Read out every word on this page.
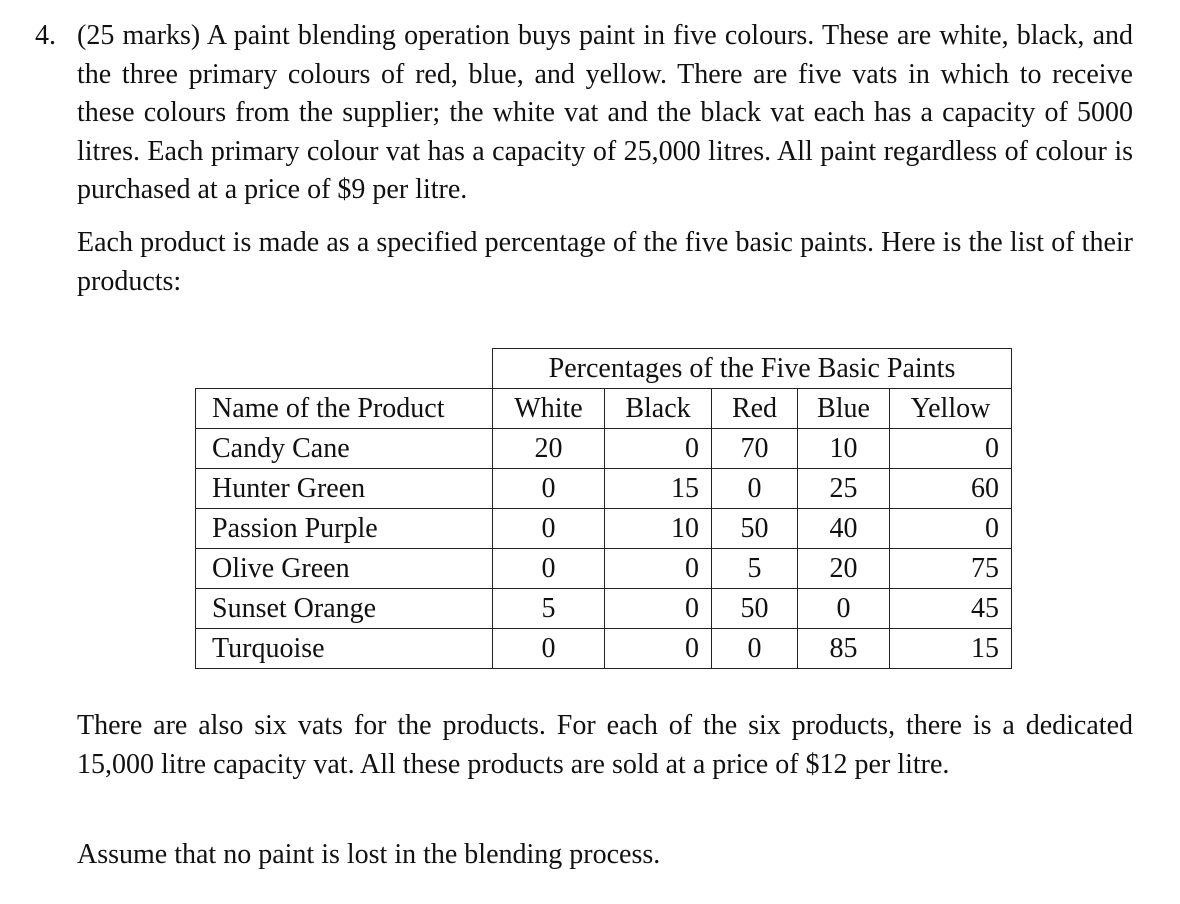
4. (25 marks) A paint blending operation buys paint in five colours. These are white, black, and the three primary colours of red, blue, and yellow. There are five vats in which to receive these colours from the supplier; the white vat and the black vat each has a capacity of 5000 litres. Each primary colour vat has a capacity of 25,000 litres. All paint regardless of colour is purchased at a price of $9 per litre.

Each product is made as a specified percentage of the five basic paints. Here is the list of their products:

	Percentages of the Five Basic Paints				
Name of the Product	White	Black	Red	Blue	Yellow
Candy Cane	20	0	70	10	0
Hunter Green	0	15	0	25	60
Passion Purple	0	10	50	40	0
Olive Green	0	0	5	20	75
Sunset Orange	5	0	50	0	45
Turquoise	0	0	0	85	15

There are also six vats for the products. For each of the six products, there is a dedicated 15,000 litre capacity vat. All these products are sold at a price of $12 per litre.

Assume that no paint is lost in the blending process.
